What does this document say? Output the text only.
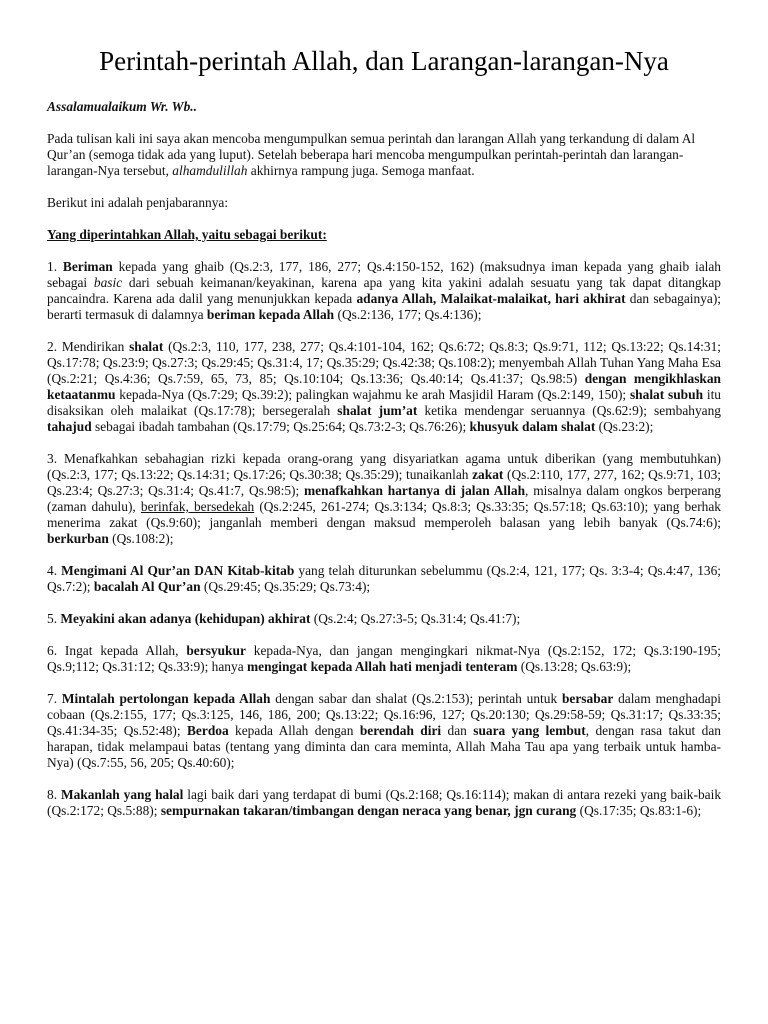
Perintah-perintah Allah, dan Larangan-larangan-Nya

Assalamualaikum Wr. Wb..

Pada tulisan kali ini saya akan mencoba mengumpulkan semua perintah dan larangan Allah yang terkandung di dalam Al Qur’an (semoga tidak ada yang luput). Setelah beberapa hari mencoba mengumpulkan perintah-perintah dan larangan-larangan-Nya tersebut, alhamdulillah akhirnya rampung juga. Semoga manfaat.

Berikut ini adalah penjabarannya:

Yang diperintahkan Allah, yaitu sebagai berikut:

1. Beriman kepada yang ghaib (Qs.2:3, 177, 186, 277; Qs.4:150-152, 162) (maksudnya iman kepada yang ghaib ialah sebagai basic dari sebuah keimanan/keyakinan, karena apa yang kita yakini adalah sesuatu yang tak dapat ditangkap pancaindra. Karena ada dalil yang menunjukkan kepada adanya Allah, Malaikat-malaikat, hari akhirat dan sebagainya); berarti termasuk di dalamnya beriman kepada Allah (Qs.2:136, 177; Qs.4:136);

2. Mendirikan shalat (Qs.2:3, 110, 177, 238, 277; Qs.4:101-104, 162; Qs.6:72; Qs.8:3; Qs.9:71, 112; Qs.13:22; Qs.14:31; Qs.17:78; Qs.23:9; Qs.27:3; Qs.29:45; Qs.31:4, 17; Qs.35:29; Qs.42:38; Qs.108:2); menyembah Allah Tuhan Yang Maha Esa (Qs.2:21; Qs.4:36; Qs.7:59, 65, 73, 85; Qs.10:104; Qs.13:36; Qs.40:14; Qs.41:37; Qs.98:5) dengan mengikhlaskan ketaatanmu kepada-Nya (Qs.7:29; Qs.39:2); palingkan wajahmu ke arah Masjidil Haram (Qs.2:149, 150); shalat subuh itu disaksikan oleh malaikat (Qs.17:78); bersegeralah shalat jum’at ketika mendengar seruannya (Qs.62:9); sembahyang tahajud sebagai ibadah tambahan (Qs.17:79; Qs.25:64; Qs.73:2-3; Qs.76:26); khusyuk dalam shalat (Qs.23:2);

3. Menafkahkan sebahagian rizki kepada orang-orang yang disyariatkan agama untuk diberikan (yang membutuhkan) (Qs.2:3, 177; Qs.13:22; Qs.14:31; Qs.17:26; Qs.30:38; Qs.35:29); tunaikanlah zakat (Qs.2:110, 177, 277, 162; Qs.9:71, 103; Qs.23:4; Qs.27:3; Qs.31:4; Qs.41:7, Qs.98:5); menafkahkan hartanya di jalan Allah, misalnya dalam ongkos berperang (zaman dahulu), berinfak, bersedekah (Qs.2:245, 261-274; Qs.3:134; Qs.8:3; Qs.33:35; Qs.57:18; Qs.63:10); yang berhak menerima zakat (Qs.9:60); janganlah memberi dengan maksud memperoleh balasan yang lebih banyak (Qs.74:6); berkurban (Qs.108:2);

4. Mengimani Al Qur’an DAN Kitab-kitab yang telah diturunkan sebelummu (Qs.2:4, 121, 177; Qs. 3:3-4; Qs.4:47, 136; Qs.7:2); bacalah Al Qur’an (Qs.29:45; Qs.35:29; Qs.73:4);

5. Meyakini akan adanya (kehidupan) akhirat (Qs.2:4; Qs.27:3-5; Qs.31:4; Qs.41:7);

6. Ingat kepada Allah, bersyukur kepada-Nya, dan jangan mengingkari nikmat-Nya (Qs.2:152, 172; Qs.3:190-195; Qs.9;112; Qs.31:12; Qs.33:9); hanya mengingat kepada Allah hati menjadi tenteram (Qs.13:28; Qs.63:9);

7. Mintalah pertolongan kepada Allah dengan sabar dan shalat (Qs.2:153); perintah untuk bersabar dalam menghadapi cobaan (Qs.2:155, 177; Qs.3:125, 146, 186, 200; Qs.13:22; Qs.16:96, 127; Qs.20:130; Qs.29:58-59; Qs.31:17; Qs.33:35; Qs.41:34-35; Qs.52:48); Berdoa kepada Allah dengan berendah diri dan suara yang lembut, dengan rasa takut dan harapan, tidak melampaui batas (tentang yang diminta dan cara meminta, Allah Maha Tau apa yang terbaik untuk hamba-Nya) (Qs.7:55, 56, 205; Qs.40:60);

8. Makanlah yang halal lagi baik dari yang terdapat di bumi (Qs.2:168; Qs.16:114); makan di antara rezeki yang baik-baik (Qs.2:172; Qs.5:88); sempurnakan takaran/timbangan dengan neraca yang benar, jgn curang (Qs.17:35; Qs.83:1-6);
